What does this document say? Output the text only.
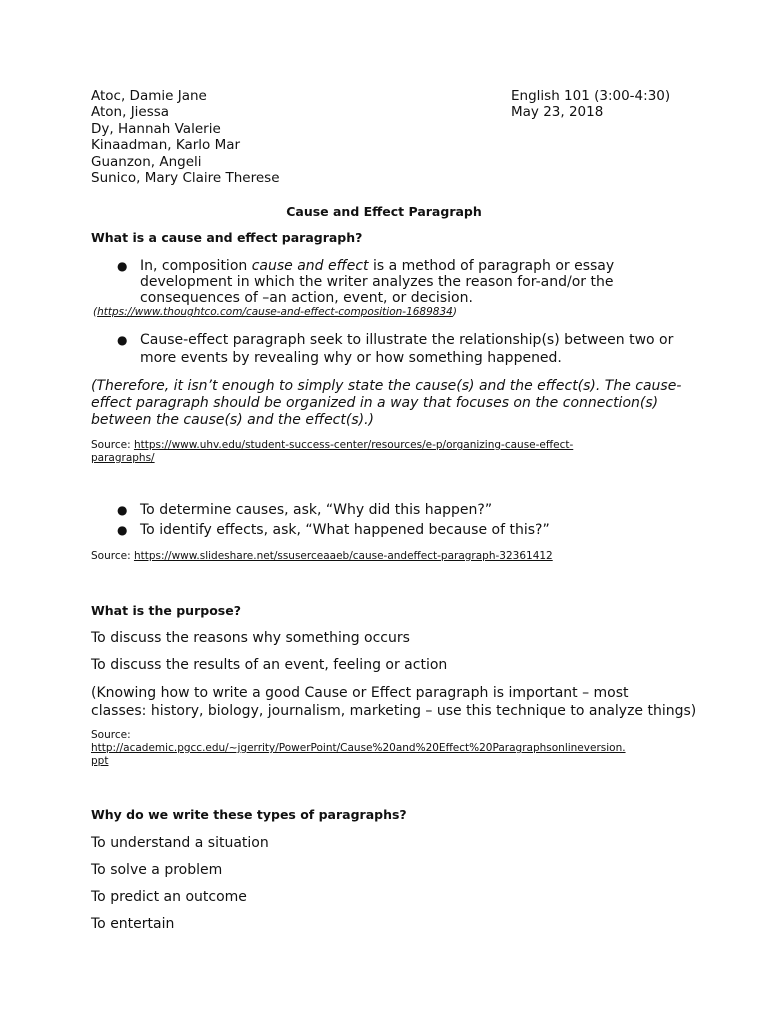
Atoc, Damie Jane
Aton, Jiessa
Dy, Hannah Valerie
Kinaadman, Karlo Mar
Guanzon, Angeli
Sunico, Mary Claire Therese
English 101 (3:00-4:30)
May 23, 2018
Cause and Effect Paragraph
What is a cause and effect paragraph?
● In, composition cause and effect is a method of paragraph or essay
development in which the writer analyzes the reason for-and/or the
consequences of –an action, event, or decision.
(https://www.thoughtco.com/cause-and-effect-composition-1689834)
● Cause-effect paragraph seek to illustrate the relationship(s) between two or
more events by revealing why or how something happened.
(Therefore, it isn’t enough to simply state the cause(s) and the effect(s). The cause-
effect paragraph should be organized in a way that focuses on the connection(s)
between the cause(s) and the effect(s).)
Source: https://www.uhv.edu/student-success-center/resources/e-p/organizing-cause-effect-
paragraphs/
● To determine causes, ask, “Why did this happen?”
● To identify effects, ask, “What happened because of this?”
Source: https://www.slideshare.net/ssuserceaaeb/cause-andeffect-paragraph-32361412
What is the purpose?
To discuss the reasons why something occurs
To discuss the results of an event, feeling or action
(Knowing how to write a good Cause or Effect paragraph is important – most
classes: history, biology, journalism, marketing – use this technique to analyze things)
Source:
http://academic.pgcc.edu/~jgerrity/PowerPoint/Cause%20and%20Effect%20Paragraphsonlineversion.
ppt
Why do we write these types of paragraphs?
To understand a situation
To solve a problem
To predict an outcome
To entertain
